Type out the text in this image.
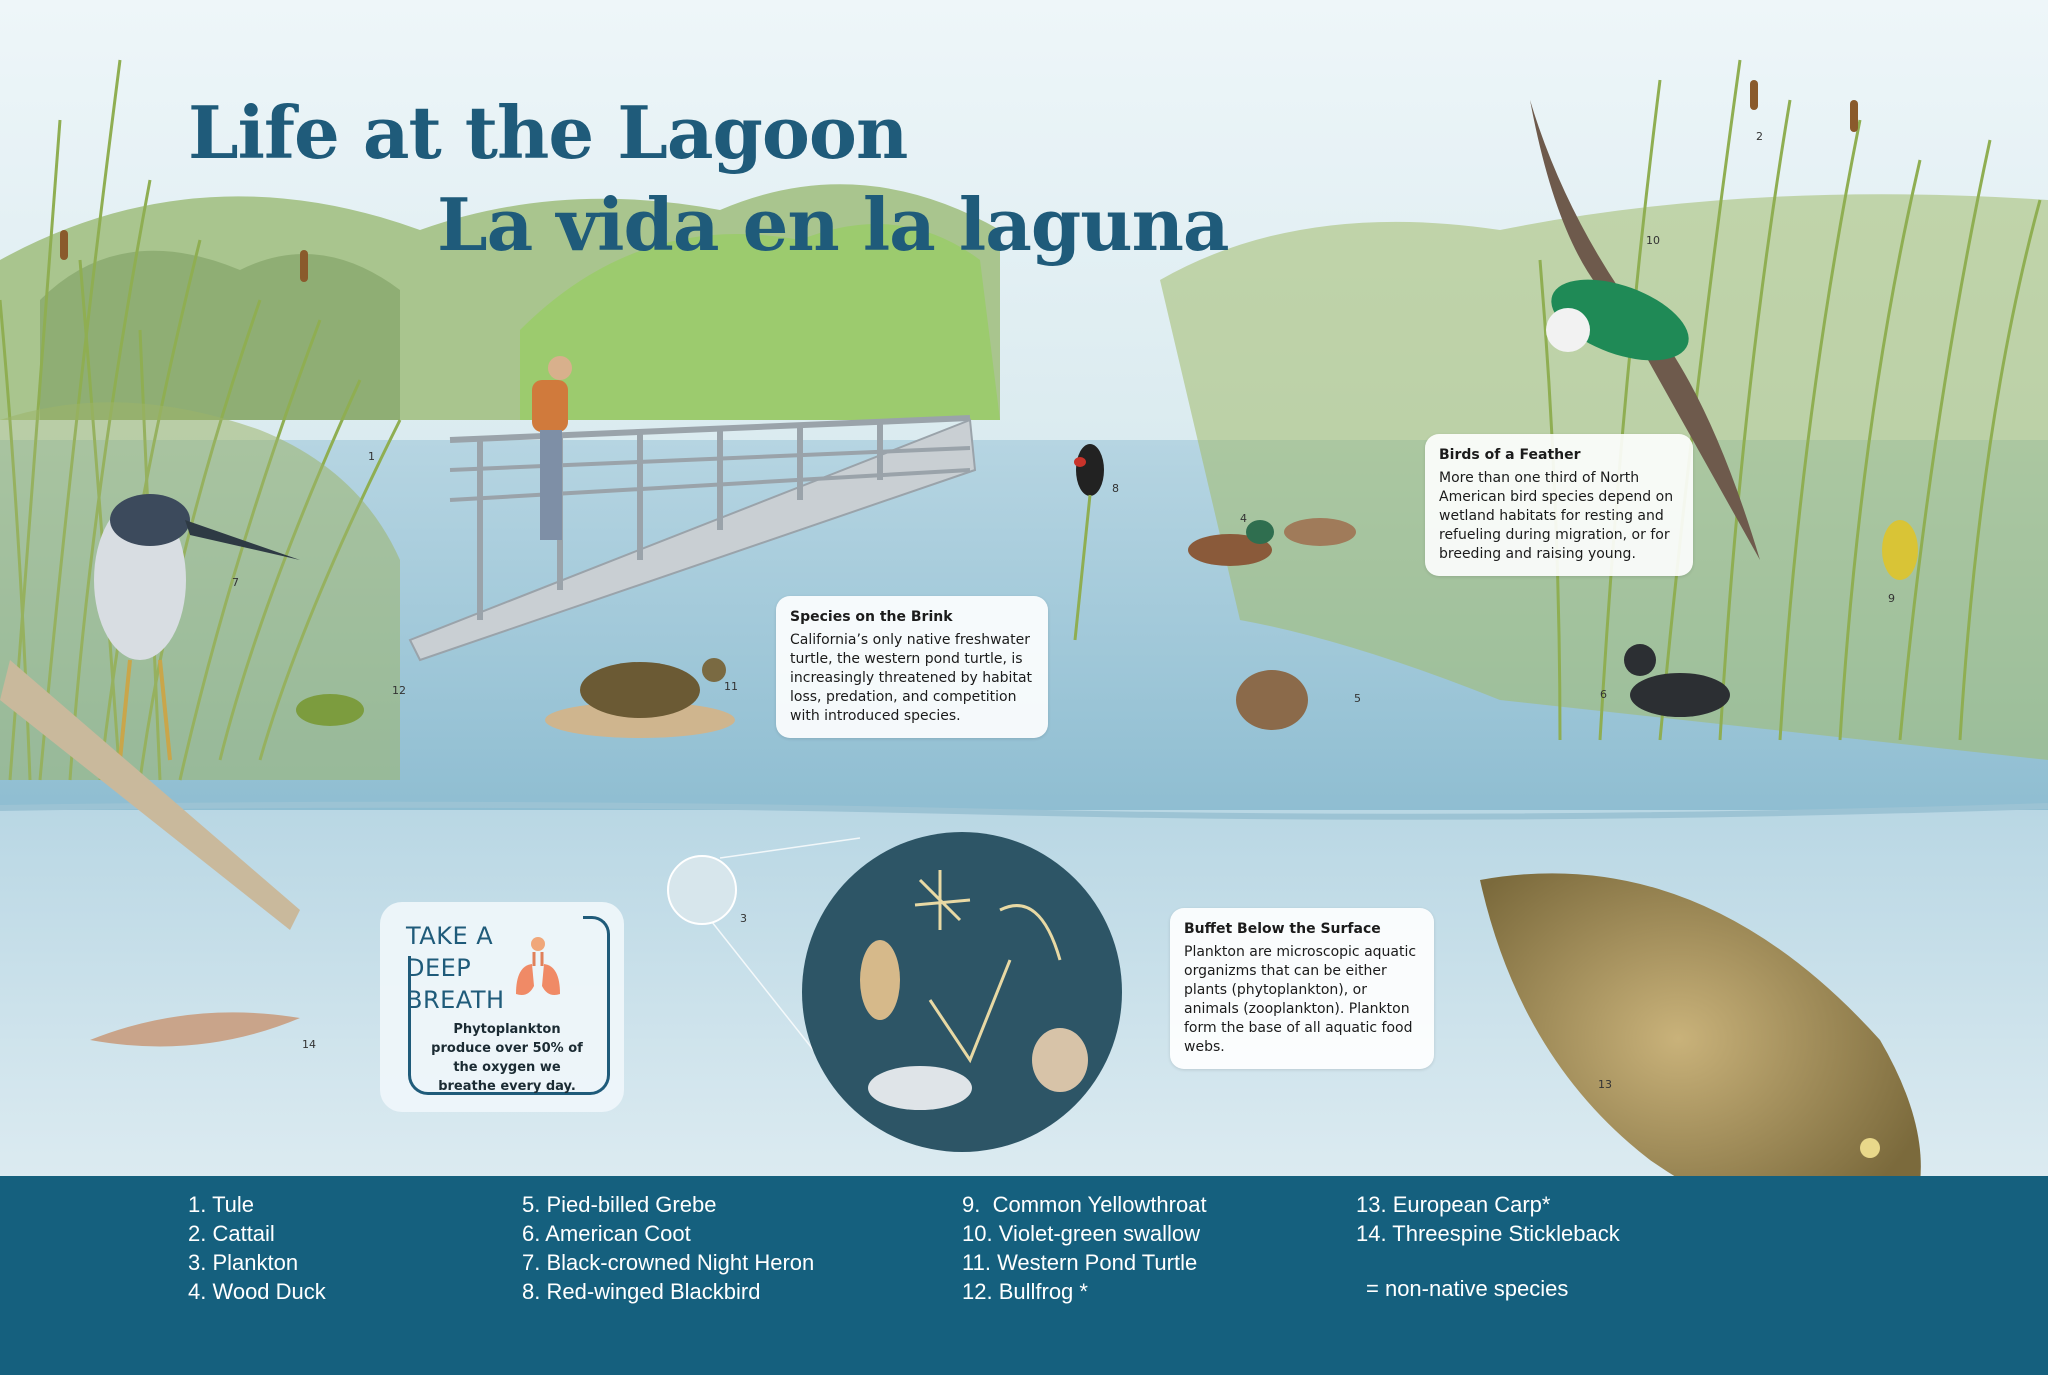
Life at the Lagoon
La vida en la laguna
Species on the Brink

California’s only native freshwater turtle, the western pond turtle, is increasingly threatened by habitat loss, predation, and competition with introduced species.

Birds of a Feather

More than one third of North American bird species depend on wetland habitats for resting and refueling during migration, or for breeding and raising young.

Buffet Below the Surface

Plankton are microscopic aquatic organizms that can be either plants (phytoplankton), or animals (zooplankton). Plankton form the base of all aquatic food webs.

TAKE A DEEP BREATH
Phytoplankton produce over 50% of the oxygen we breathe every day.
1
2
3
4
5	6
7
8
9
10
11
12
13
14
1. Tule
2. Cattail
3. Plankton
4. Wood Duck
5. Pied-billed Grebe
6. American Coot
7. Black-crowned Night Heron
8. Red-winged Blackbird
9.  Common Yellowthroat
10. Violet-green swallow
11. Western Pond Turtle
12. Bullfrog *
13. European Carp*
14. Threespine Stickleback
= non-native species
